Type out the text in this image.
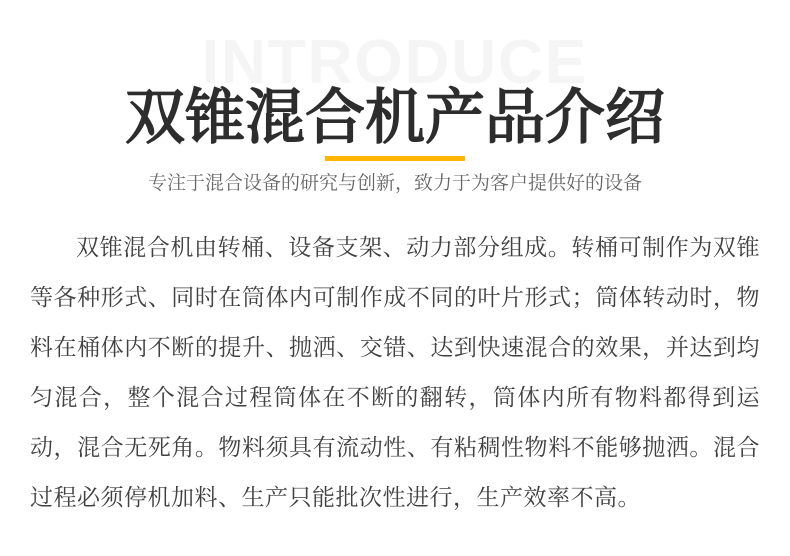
INTRODUCE
双锥混合机产品介绍

专注于混合设备的研究与创新，致力于为客户提供好的设备

双锥混合机由转桶、设备支架、动力部分组成。转桶可制作为双锥等各种形式、同时在筒体内可制作成不同的叶片形式；筒体转动时，物料在桶体内不断的提升、抛洒、交错、达到快速混合的效果，并达到均匀混合，整个混合过程筒体在不断的翻转，筒体内所有物料都得到运动，混合无死角。物料须具有流动性、有粘稠性物料不能够抛洒。混合过程必须停机加料、生产只能批次性进行，生产效率不高。
